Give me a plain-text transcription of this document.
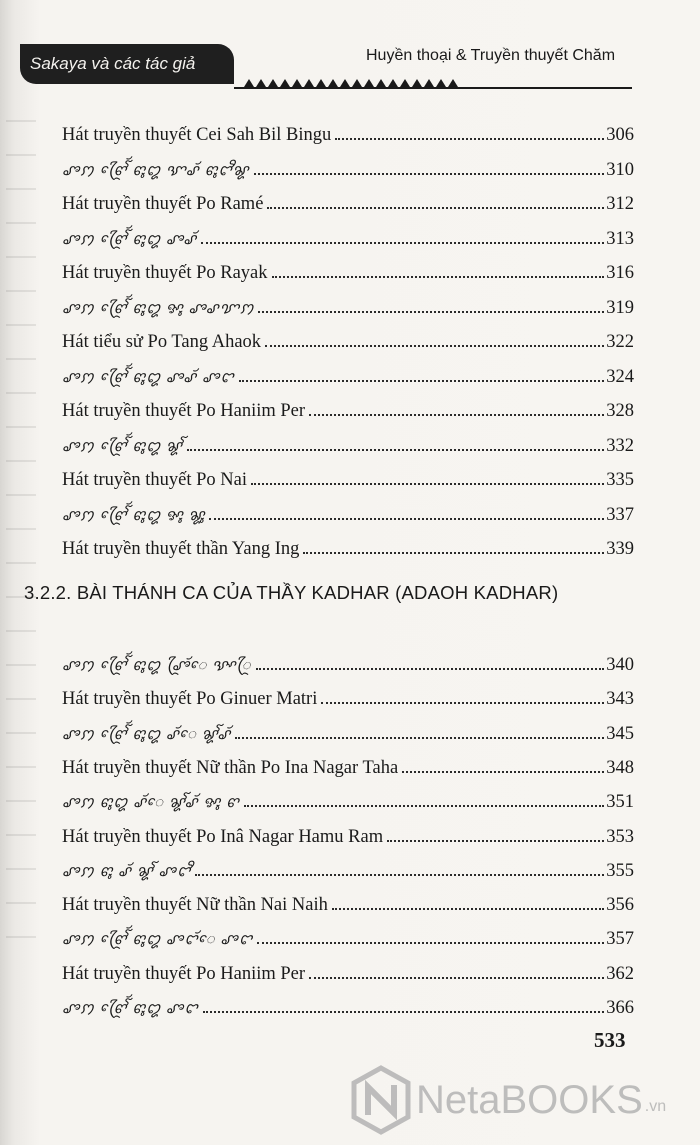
Sakaya và các tác giả	Huyền thoại & Truyền thuyết Chăm
Hát truyền thuyết Cei Sah Bil Bingu	306
ꨨꩀ ꨓꨴꨯꨱꨮ ꨓꨶꨁ ꨎꨣꨮ ꨓꨶꨤꨪꨘ	310
Hát truyền thuyết Po Ramé	312
ꨨꩀ ꨓꨴꨯꨱꨮ ꨓꨶꨁ ꨨꨣꨮ	313
Hát truyền thuyết Po Rayak	316
ꨨꩀ ꨓꨴꨯꨱꨮ ꨓꨶꨁ ꨀꨶ ꨨꨣꨢꩀ	319
Hát tiểu sử Po Tang Ahaok	322
ꨨꩀ ꨓꨴꨯꨱꨮ ꨓꨶꨁ ꨨꨣꨮ ꨨꨤ	324
Hát truyền thuyết Po Haniim Per	328
ꨨꩀ ꨓꨴꨯꨱꨮ ꨓꨶꨁ ꨘꨱ	332
Hát truyền thuyết Po Nai	335
ꨨꩀ ꨓꨴꨯꨱꨮ ꨓꨶꨁ ꨀꨶ ꨘꨶ	337
Hát truyền thuyết thần Yang Ing	339
3.2.2. BÀI THÁNH CA CỦA THẦY KADHAR (ADAOH KADHAR)
ꨨꩀ ꨓꨴꨯꨱꨮ ꨓꨶꨁ ꨨꨴꨮꨯ ꨕꨳꨴ	340
Hát truyền thuyết Po Ginuer Matri	343
ꨨꩀ ꨓꨴꨯꨱꨮ ꨓꨶꨁ ꨣꨮꨯ ꨘꨱꨣꨮ	345
Hát truyền thuyết Nữ thần Po Ina Nagar Taha	348
ꨨꩀ ꨓꨶꨁ ꨣꨮꨯ ꨘꨱꨣꨮ ꨀꨶ ꨓ	351
Hát truyền thuyết Po Inâ Nagar Hamu Ram	353
ꨨꩀ ꨓꨶ ꨣꨮ ꨘꨱ ꨨꨤꨪ	355
Hát truyền thuyết Nữ thần Nai Naih	356
ꨨꩀ ꨓꨴꨯꨱꨮ ꨓꨶꨁ ꨨꨤꨮꨯ ꨨꨤ	357
Hát truyền thuyết Po Haniim Per	362
ꨨꩀ ꨓꨴꨯꨱꨮ ꨓꨶꨁ ꨨꨤ	366
533
NetaBOOKS .vn
